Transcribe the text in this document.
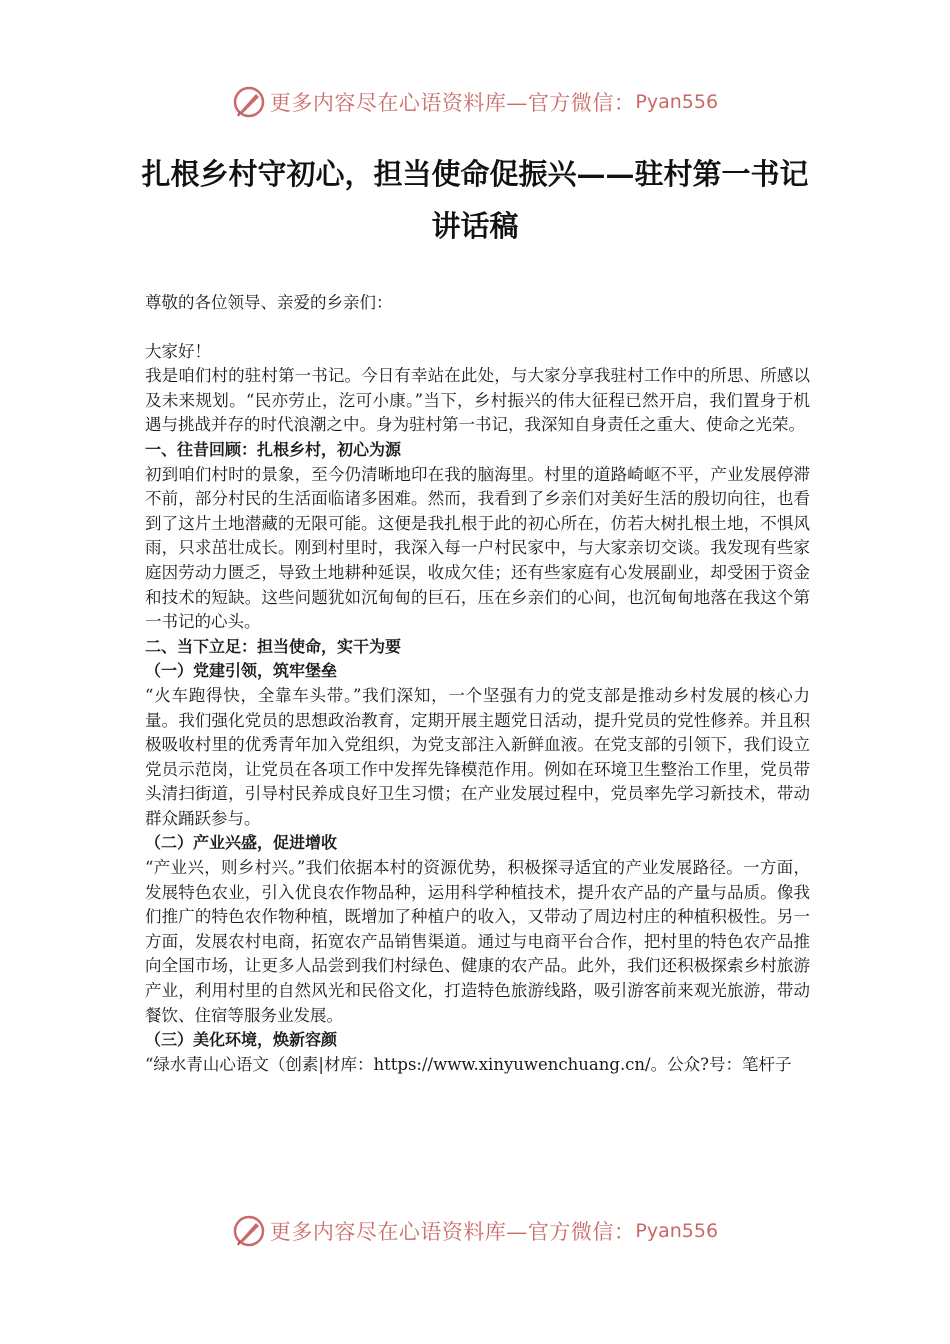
更多内容尽在心语资料库—官方微信： Pyan556
扎根乡村守初心，担当使命促振兴——驻村第一书记
讲话稿

尊敬的各位领导、亲爱的乡亲们：

大家好！

我是咱们村的驻村第一书记。今日有幸站在此处，与大家分享我驻村工作中的所思、所感以及未来规划。“民亦劳止，汔可小康。”当下，乡村振兴的伟大征程已然开启，我们置身于机遇与挑战并存的时代浪潮之中。身为驻村第一书记，我深知自身责任之重大、使命之光荣。

一、往昔回顾：扎根乡村，初心为源

初到咱们村时的景象，至今仍清晰地印在我的脑海里。村里的道路崎岖不平，产业发展停滞不前，部分村民的生活面临诸多困难。然而，我看到了乡亲们对美好生活的殷切向往，也看到了这片土地潜藏的无限可能。这便是我扎根于此的初心所在，仿若大树扎根土地，不惧风雨，只求茁壮成长。刚到村里时，我深入每一户村民家中，与大家亲切交谈。我发现有些家庭因劳动力匮乏，导致土地耕种延误，收成欠佳；还有些家庭有心发展副业，却受困于资金和技术的短缺。这些问题犹如沉甸甸的巨石，压在乡亲们的心间，也沉甸甸地落在我这个第一书记的心头。

二、当下立足：担当使命，实干为要

（一）党建引领，筑牢堡垒

“火车跑得快，全靠车头带。”我们深知，一个坚强有力的党支部是推动乡村发展的核心力量。我们强化党员的思想政治教育，定期开展主题党日活动，提升党员的党性修养。并且积极吸收村里的优秀青年加入党组织，为党支部注入新鲜血液。在党支部的引领下，我们设立党员示范岗，让党员在各项工作中发挥先锋模范作用。例如在环境卫生整治工作里，党员带头清扫街道，引导村民养成良好卫生习惯；在产业发展过程中，党员率先学习新技术，带动群众踊跃参与。

（二）产业兴盛，促进增收

“产业兴，则乡村兴。”我们依据本村的资源优势，积极探寻适宜的产业发展路径。一方面，发展特色农业，引入优良农作物品种，运用科学种植技术，提升农产品的产量与品质。像我们推广的特色农作物种植，既增加了种植户的收入，又带动了周边村庄的种植积极性。另一方面，发展农村电商，拓宽农产品销售渠道。通过与电商平台合作，把村里的特色农产品推向全国市场，让更多人品尝到我们村绿色、健康的农产品。此外，我们还积极探索乡村旅游产业，利用村里的自然风光和民俗文化，打造特色旅游线路，吸引游客前来观光旅游，带动餐饮、住宿等服务业发展。

（三）美化环境，焕新容颜

“绿水青山心语文（创素|材库：https://www.xinyuwenchuang.cn/。公众?号：笔杆子

更多内容尽在心语资料库—官方微信： Pyan556
